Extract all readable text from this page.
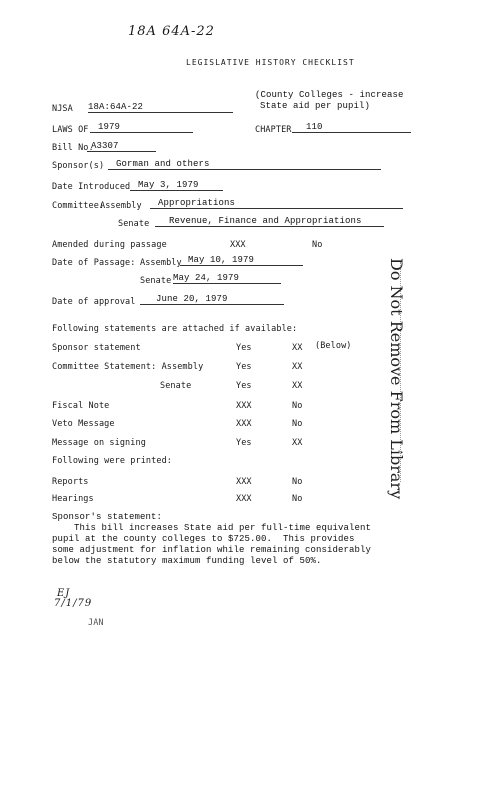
18A 64A-22
LEGISLATIVE HISTORY CHECKLIST
(County Colleges - increase
State aid per pupil)
NJSA 18A:64A-22
LAWS OF	1979	CHAPTER	110
Bill No.
A3307
Sponsor(s)	Gorman and others
Date Introduced May 3, 1979
Committee:
Assembly	Appropriations
Senate	Revenue, Finance and Appropriations
Amended during passage	XXX	No
Date of Passage: Assembly May 10, 1979
Senate May 24, 1979
Date of approval	June 20, 1979
Following statements are attached if available:
Sponsor statement	Yes	XX (Below)
Committee Statement: Assembly	Yes	XX
Senate	Yes	XX
Fiscal Note	XXX	No
Veto Message	XXX	No
Message on signing	Yes	XX
Following were printed:
Reports	XXX	No
Hearings	XXX	No
Sponsor's statement:
This bill increases State aid per full-time equivalent
pupil at the county colleges to $725.00.  This provides
some adjustment for inflation while remaining considerably
below the statutory maximum funding level of 50%.
EJ
7/1/79
JAN
Do Not Remove From Library
